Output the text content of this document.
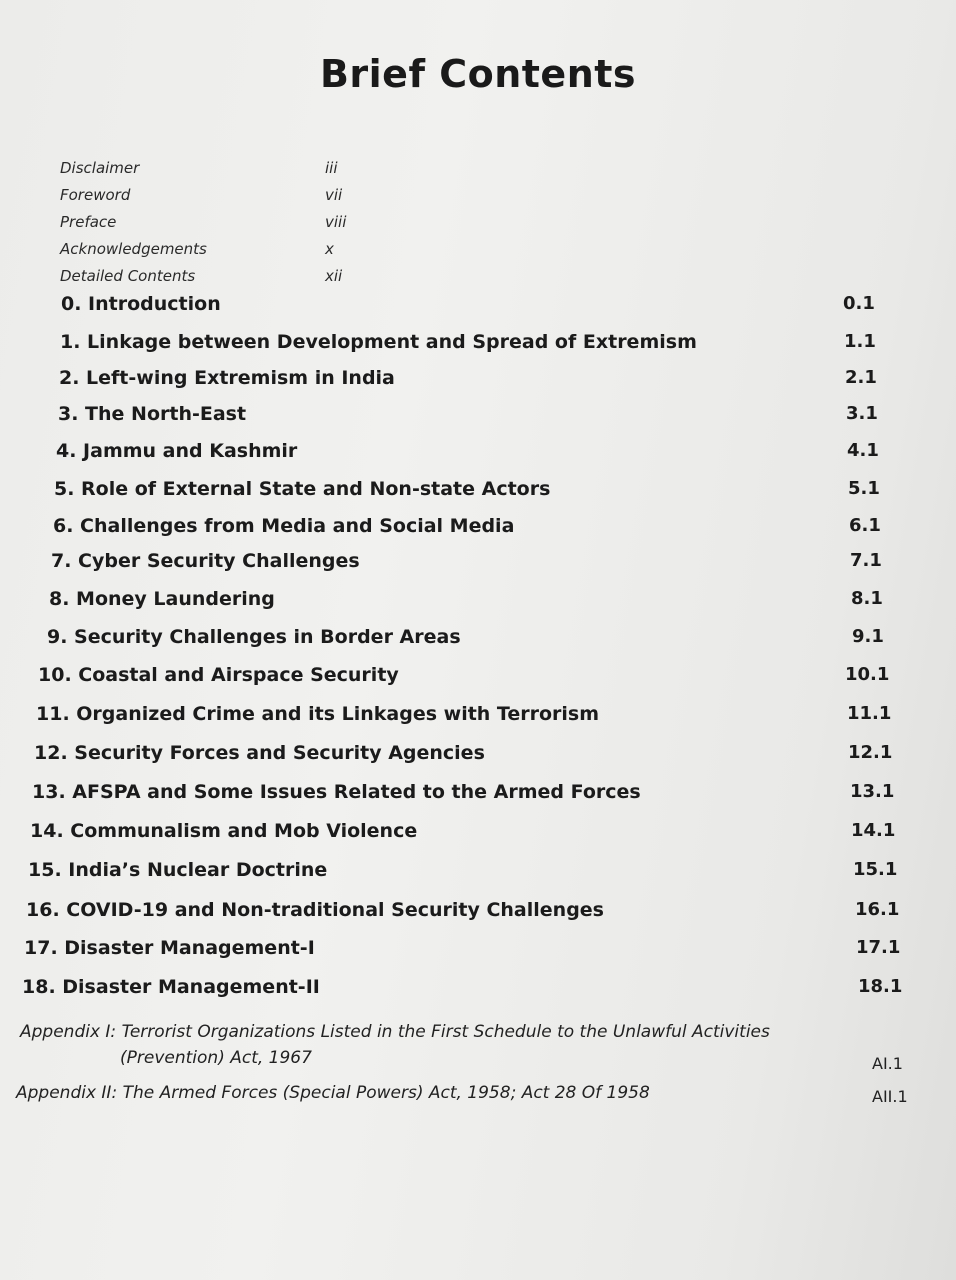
Brief Contents
Disclaimer	iii
Foreword	vii
Preface	viii
Acknowledgements	x
Detailed Contents	xii
0. Introduction	0.1
1. Linkage between Development and Spread of Extremism	1.1
2. Left-wing Extremism in India	2.1
3. The North-East	3.1
4. Jammu and Kashmir	4.1
5. Role of External State and Non-state Actors	5.1
6. Challenges from Media and Social Media	6.1
7. Cyber Security Challenges	7.1
8. Money Laundering	8.1
9. Security Challenges in Border Areas	9.1
10. Coastal and Airspace Security	10.1
11. Organized Crime and its Linkages with Terrorism	11.1
12. Security Forces and Security Agencies	12.1
13. AFSPA and Some Issues Related to the Armed Forces	13.1
14. Communalism and Mob Violence	14.1
15. India’s Nuclear Doctrine	15.1
16. COVID-19 and Non-traditional Security Challenges	16.1
17. Disaster Management-I	17.1
18. Disaster Management-II	18.1
Appendix I: Terrorist Organizations Listed in the First Schedule to the Unlawful Activities
(Prevention) Act, 1967	AI.1
Appendix II: The Armed Forces (Special Powers) Act, 1958; Act 28 Of 1958	AII.1
